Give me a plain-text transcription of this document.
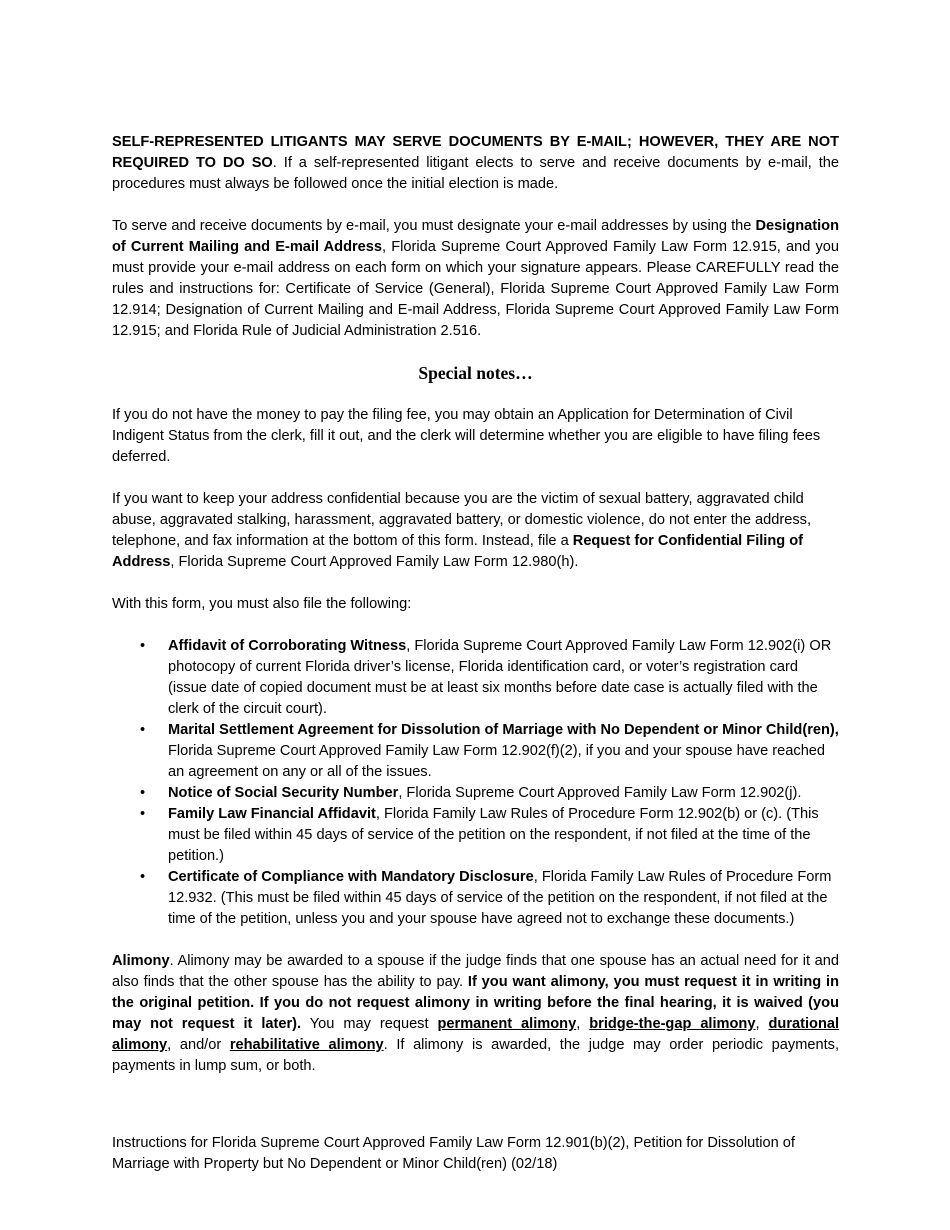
SELF-REPRESENTED LITIGANTS MAY SERVE DOCUMENTS BY E-MAIL; HOWEVER, THEY ARE NOT REQUIRED TO DO SO. If a self-represented litigant elects to serve and receive documents by e-mail, the procedures must always be followed once the initial election is made.

To serve and receive documents by e-mail, you must designate your e-mail addresses by using the Designation of Current Mailing and E-mail Address, Florida Supreme Court Approved Family Law Form 12.915, and you must provide your e-mail address on each form on which your signature appears. Please CAREFULLY read the rules and instructions for: Certificate of Service (General), Florida Supreme Court Approved Family Law Form 12.914; Designation of Current Mailing and E-mail Address, Florida Supreme Court Approved Family Law Form 12.915; and Florida Rule of Judicial Administration 2.516.

Special notes…

If you do not have the money to pay the filing fee, you may obtain an Application for Determination of Civil Indigent Status from the clerk, fill it out, and the clerk will determine whether you are eligible to have filing fees deferred.

If you want to keep your address confidential because you are the victim of sexual battery, aggravated child abuse, aggravated stalking, harassment, aggravated battery, or domestic violence, do not enter the address, telephone, and fax information at the bottom of this form. Instead, file a Request for Confidential Filing of Address, Florida Supreme Court Approved Family Law Form 12.980(h).

With this form, you must also file the following:

• Affidavit of Corroborating Witness, Florida Supreme Court Approved Family Law Form 12.902(i) OR photocopy of current Florida driver’s license, Florida identification card, or voter’s registration card (issue date of copied document must be at least six months before date case is actually filed with the clerk of the circuit court).
• Marital Settlement Agreement for Dissolution of Marriage with No Dependent or Minor Child(ren), Florida Supreme Court Approved Family Law Form 12.902(f)(2), if you and your spouse have reached an agreement on any or all of the issues.
• Notice of Social Security Number, Florida Supreme Court Approved Family Law Form 12.902(j).
• Family Law Financial Affidavit, Florida Family Law Rules of Procedure Form 12.902(b) or (c). (This must be filed within 45 days of service of the petition on the respondent, if not filed at the time of the petition.)
• Certificate of Compliance with Mandatory Disclosure, Florida Family Law Rules of Procedure Form 12.932. (This must be filed within 45 days of service of the petition on the respondent, if not filed at the time of the petition, unless you and your spouse have agreed not to exchange these documents.)

Alimony. Alimony may be awarded to a spouse if the judge finds that one spouse has an actual need for it and also finds that the other spouse has the ability to pay. If you want alimony, you must request it in writing in the original petition. If you do not request alimony in writing before the final hearing, it is waived (you may not request it later). You may request permanent alimony, bridge-the-gap alimony, durational alimony, and/or rehabilitative alimony. If alimony is awarded, the judge may order periodic payments, payments in lump sum, or both.

Instructions for Florida Supreme Court Approved Family Law Form 12.901(b)(2), Petition for Dissolution of Marriage with Property but No Dependent or Minor Child(ren) (02/18)
